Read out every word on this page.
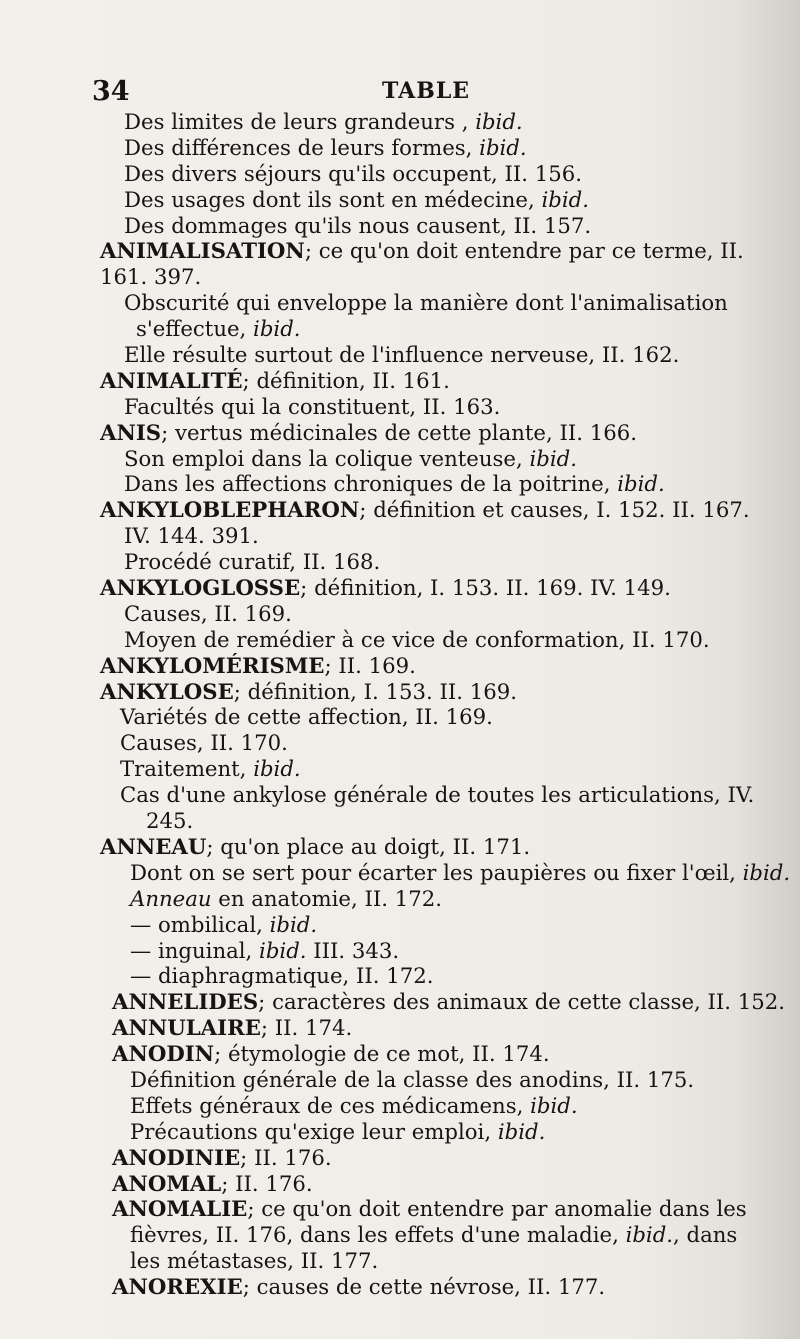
34	TABLE
Des limites de leurs grandeurs , ibid.
Des différences de leurs formes, ibid.
Des divers séjours qu'ils occupent, II. 156.
Des usages dont ils sont en médecine, ibid.
Des dommages qu'ils nous causent, II. 157.
ANIMALISATION; ce qu'on doit entendre par ce terme, II.
161. 397.
Obscurité qui enveloppe la manière dont l'animalisation
s'effectue, ibid.
Elle résulte surtout de l'influence nerveuse, II. 162.
ANIMALITÉ; définition, II. 161.
Facultés qui la constituent, II. 163.
ANIS; vertus médicinales de cette plante, II. 166.
Son emploi dans la colique venteuse, ibid.
Dans les affections chroniques de la poitrine, ibid.
ANKYLOBLEPHARON; définition et causes, I. 152. II. 167.
IV. 144. 391.
Procédé curatif, II. 168.
ANKYLOGLOSSE; définition, I. 153. II. 169. IV. 149.
Causes, II. 169.
Moyen de remédier à ce vice de conformation, II. 170.
ANKYLOMÉRISME; II. 169.
ANKYLOSE; définition, I. 153. II. 169.
Variétés de cette affection, II. 169.
Causes, II. 170.
Traitement, ibid.
Cas d'une ankylose générale de toutes les articulations, IV.
245.
ANNEAU; qu'on place au doigt, II. 171.
Dont on se sert pour écarter les paupières ou fixer l'œil, ibid.
Anneau en anatomie, II. 172.
— ombilical, ibid.
— inguinal, ibid. III. 343.
— diaphragmatique, II. 172.
ANNELIDES; caractères des animaux de cette classe, II. 152.
ANNULAIRE; II. 174.
ANODIN; étymologie de ce mot, II. 174.
Définition générale de la classe des anodins, II. 175.
Effets généraux de ces médicamens, ibid.
Précautions qu'exige leur emploi, ibid.
ANODINIE; II. 176.
ANOMAL; II. 176.
ANOMALIE; ce qu'on doit entendre par anomalie dans les
fièvres, II. 176, dans les effets d'une maladie, ibid., dans
les métastases, II. 177.
ANOREXIE; causes de cette névrose, II. 177.
